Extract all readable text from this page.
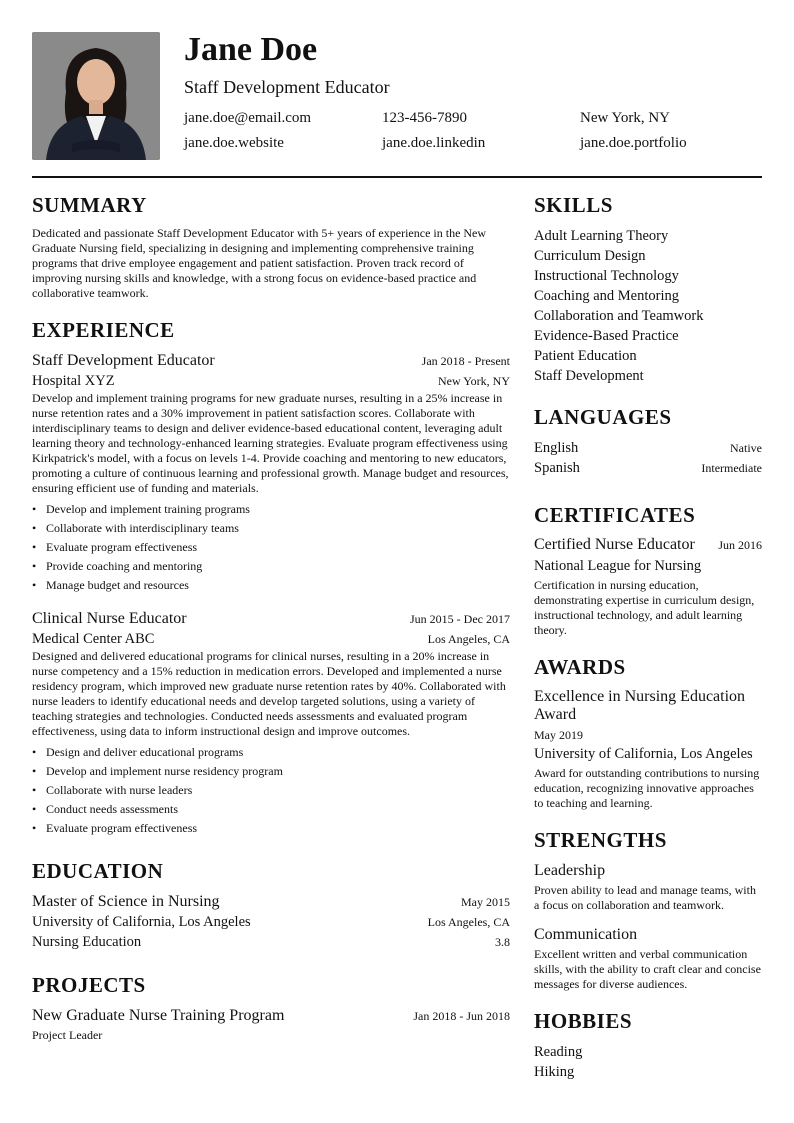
Jane Doe
Staff Development Educator
jane.doe@email.com	123-456-7890	New York, NY
jane.doe.website	jane.doe.linkedin	jane.doe.portfolio
SUMMARY

Dedicated and passionate Staff Development Educator with 5+ years of experience in the New Graduate Nursing field, specializing in designing and implementing comprehensive training programs that drive employee engagement and patient satisfaction. Proven track record of improving nursing skills and knowledge, with a strong focus on evidence-based practice and collaborative teamwork.

EXPERIENCE
Staff Development Educator	Jan 2018 - Present
Hospital XYZ	New York, NY

Develop and implement training programs for new graduate nurses, resulting in a 25% increase in nurse retention rates and a 30% improvement in patient satisfaction scores. Collaborate with interdisciplinary teams to design and deliver evidence-based educational content, leveraging adult learning theory and technology-enhanced learning strategies. Evaluate program effectiveness using Kirkpatrick's model, with a focus on levels 1-4. Provide coaching and mentoring to new educators, promoting a culture of continuous learning and professional growth. Manage budget and resources, ensuring efficient use of funding and materials.

• Develop and implement training programs
• Collaborate with interdisciplinary teams
• Evaluate program effectiveness
• Provide coaching and mentoring
• Manage budget and resources
Clinical Nurse Educator	Jun 2015 - Dec 2017
Medical Center ABC	Los Angeles, CA

Designed and delivered educational programs for clinical nurses, resulting in a 20% increase in nurse competency and a 15% reduction in medication errors. Developed and implemented a nurse residency program, which improved new graduate nurse retention rates by 40%. Collaborated with nurse leaders to identify educational needs and develop targeted solutions, using a variety of teaching strategies and technologies. Conducted needs assessments and evaluated program effectiveness, using data to inform instructional design and improve outcomes.

• Design and deliver educational programs
• Develop and implement nurse residency program
• Collaborate with nurse leaders
• Conduct needs assessments
• Evaluate program effectiveness
EDUCATION
Master of Science in Nursing	May 2015
University of California, Los Angeles	Los Angeles, CA
Nursing Education	3.8
PROJECTS
New Graduate Nurse Training Program	Jan 2018 - Jun 2018
Project Leader
SKILLS
Adult Learning Theory
Curriculum Design
Instructional Technology
Coaching and Mentoring
Collaboration and Teamwork
Evidence-Based Practice
Patient Education
Staff Development
LANGUAGES
English	Native
Spanish	Intermediate
CERTIFICATES
Certified Nurse Educator Jun 2016
National League for Nursing

Certification in nursing education, demonstrating expertise in curriculum design, instructional technology, and adult learning theory.

AWARDS
Excellence in Nursing Education Award
May 2019
University of California, Los Angeles

Award for outstanding contributions to nursing education, recognizing innovative approaches to teaching and learning.

STRENGTHS
Leadership

Proven ability to lead and manage teams, with a focus on collaboration and teamwork.

Communication

Excellent written and verbal communication skills, with the ability to craft clear and concise messages for diverse audiences.

HOBBIES
Reading
Hiking
